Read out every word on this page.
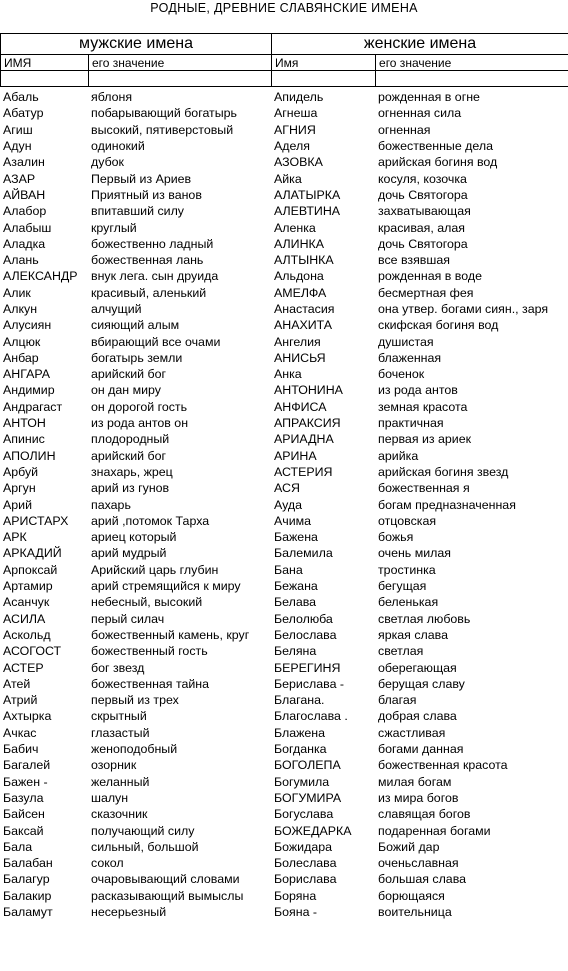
РОДНЫЕ, ДРЕВНИЕ СЛАВЯНСКИЕ ИМЕНА
мужские имена		женские имена	
ИМЯ	его значение	Имя	его значение

Абаль	яблоня	Апидель	рожденная в огне
Абатур	побарывающий богатырь	Агнеша	огненная сила
Агиш	высокий, пятиверстовый	АГНИЯ	огненная
Адун	одинокий	Аделя	божественные дела
Азалин	дубок	АЗОВКА	арийская богиня вод
АЗАР	Первый из Ариев	Айка	косуля, козочка
АЙВАН	Приятный из ванов	АЛАТЫРКА	дочь Святогора
Алабор	впитавший силу	АЛЕВТИНА	захватывающая
Алабыш	круглый	Аленка	красивая, алая
Аладка	божественно ладный	АЛИНКА	дочь Святогора
Алань	божественная лань	АЛТЫНКА	все взявшая
АЛЕКСАНДР	внук лега. сын друида	Альдона	рожденная в воде
Алик	красивый, аленький	АМЕЛФА	бесмертная фея
Алкун	алчущий	Анастасия	она утвер. богами сиян., заря
Алусиян	сияющий алым	АНАХИТА	скифская богиня вод
Алцюк	вбирающий все очами	Ангелия	душистая
Анбар	богатырь земли	АНИСЬЯ	блаженная
АНГАРА	арийский бог	Анка	боченок
Андимир	он дан миру	АНТОНИНА	из рода антов
Андрагаст	он дорогой гость	АНФИСА	земная красота
АНТОН	из рода антов он	АПРАКСИЯ	практичная
Апинис	плодородный	АРИАДНА	первая из ариек
АПОЛИН	арийский бог	АРИНА	арийка
Арбуй	знахарь, жрец	АСТЕРИЯ	арийская богиня звезд
Аргун	арий из гунов	АСЯ	божественная я
Арий	пахарь	Ауда	богам предназначенная
АРИСТАРХ	арий ,потомок Тарха	Ачима	отцовская
АРК	ариец который	Бажена	божья
АРКАДИЙ	арий мудрый	Балемила	очень милая
Арпоксай	Арийский царь глубин	Бана	тростинка
Артамир	арий стремящийся к миру	Бежана	бегущая
Асанчук	небесный, высокий	Белава	беленькая
АСИЛА	перый силач	Белолюба	светлая любовь
Аскольд	божественный камень, круг	Белослава	яркая слава
АСОГОСТ	божественный гость	Беляна	светлая
АСТЕР	бог звезд	БЕРЕГИНЯ	оберегающая
Атей	божественная тайна	Берислава -	берущая славу
Атрий	первый из трех	Благана.	благая
Ахтырка	скрытный	Благослава .	добрая слава
Ачкас	глазастый	Блажена	сжастливая
Бабич	женоподобный	Богданка	богами данная
Багалей	озорник	БОГОЛЕПА	божественная красота
Бажен -	желанный	Богумила	милая богам
Базула	шалун	БОГУМИРА	из мира богов
Байсен	сказочник	Богуслава	славящая богов
Баксай	получающий силу	БОЖЕДАРКА	подаренная богами
Бала	сильный, большой	Божидара	Божий дар
Балабан	сокол	Болеслава	оченьславная
Балагур	очаровывающий словами	Борислава	большая слава
Балакир	расказывающий вымыслы	Боряна	борющаяся
Баламут	несерьезный	Бояна -	воительница
